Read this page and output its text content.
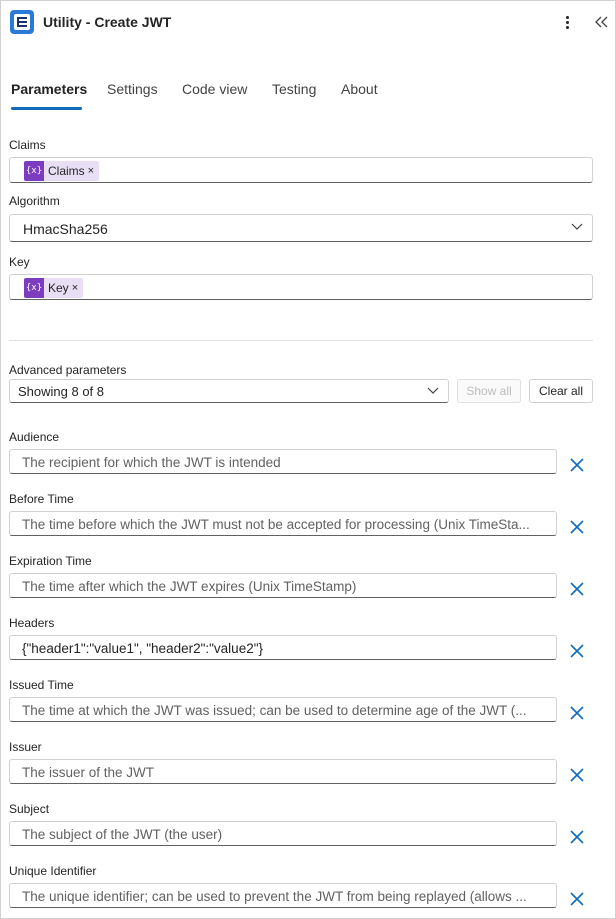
Utility - Create JWT
Parameters Settings Code view Testing About
Claims
{x} Claims ×
Algorithm
HmacSha256
Key
{x} Key ×
Advanced parameters
Showing 8 of 8	Show all	Clear all
Audience
The recipient for which the JWT is intended
Before Time
The time before which the JWT must not be accepted for processing (Unix TimeSta...
Expiration Time
The time after which the JWT expires (Unix TimeStamp)
Headers
{"header1":"value1", "header2":"value2"}
Issued Time
The time at which the JWT was issued; can be used to determine age of the JWT (...
Issuer
The issuer of the JWT
Subject
The subject of the JWT (the user)
Unique Identifier
The unique identifier; can be used to prevent the JWT from being replayed (allows ...
